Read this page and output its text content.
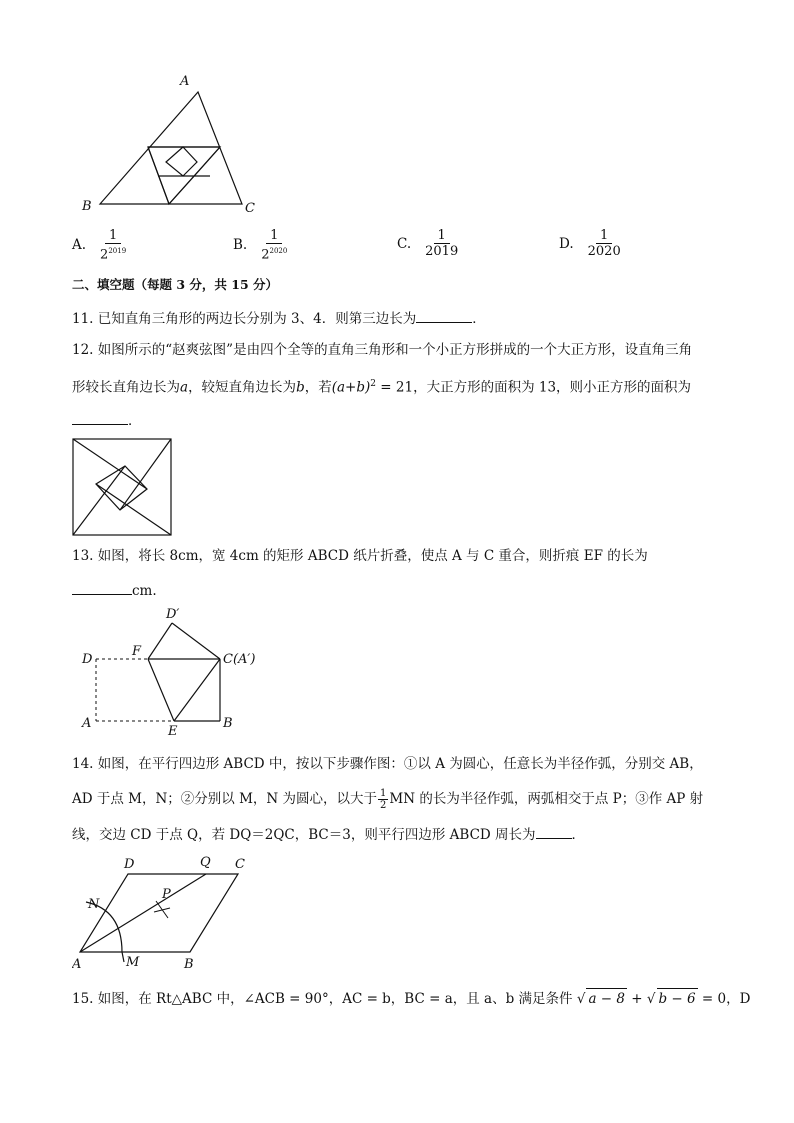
A
B	C
A. $\frac{1}{2^{2019}}$	B. $\frac{1}{2^{2020}}$	C. $\frac{1}{2019}$	D. $\frac{1}{2020}$
二、填空题（每题 3 分，共 15 分）
11. 已知直角三角形的两边长分别为 3、4．则第三边长为	．
12. 如图所示的“赵爽弦图”是由四个全等的直角三角形和一个小正方形拼成的一个大正方形，设直角三角
形较长直角边长为a，较短直角边长为b，若$(a+b)^2 = 21$，大正方形的面积为 13，则小正方形的面积为
．
13. 如图，将长 8cm，宽 4cm 的矩形 ABCD 纸片折叠，使点 A 与 C 重合，则折痕 EF 的长为
cm.
D′
D
F
C(A′)
A
E
B
14. 如图，在平行四边形 ABCD 中，按以下步骤作图：①以 A 为圆心，任意长为半径作弧，分别交 AB，
AD 于点 M，N；②分别以 M，N 为圆心，以大于 $\frac{1}{2}$ MN 的长为半径作弧，两弧相交于点 P；③作 AP 射
线，交边 CD 于点 Q，若 DQ＝2QC，BC＝3，则平行四边形 ABCD 周长为	．
D	Q C
N
P
A	M	B
15. 如图，在 Rt△ABC 中，∠ACB = 90°，AC = b，BC = a，且 a、b 满足条件 √ a − 8 + √ b − 6 = 0，D
